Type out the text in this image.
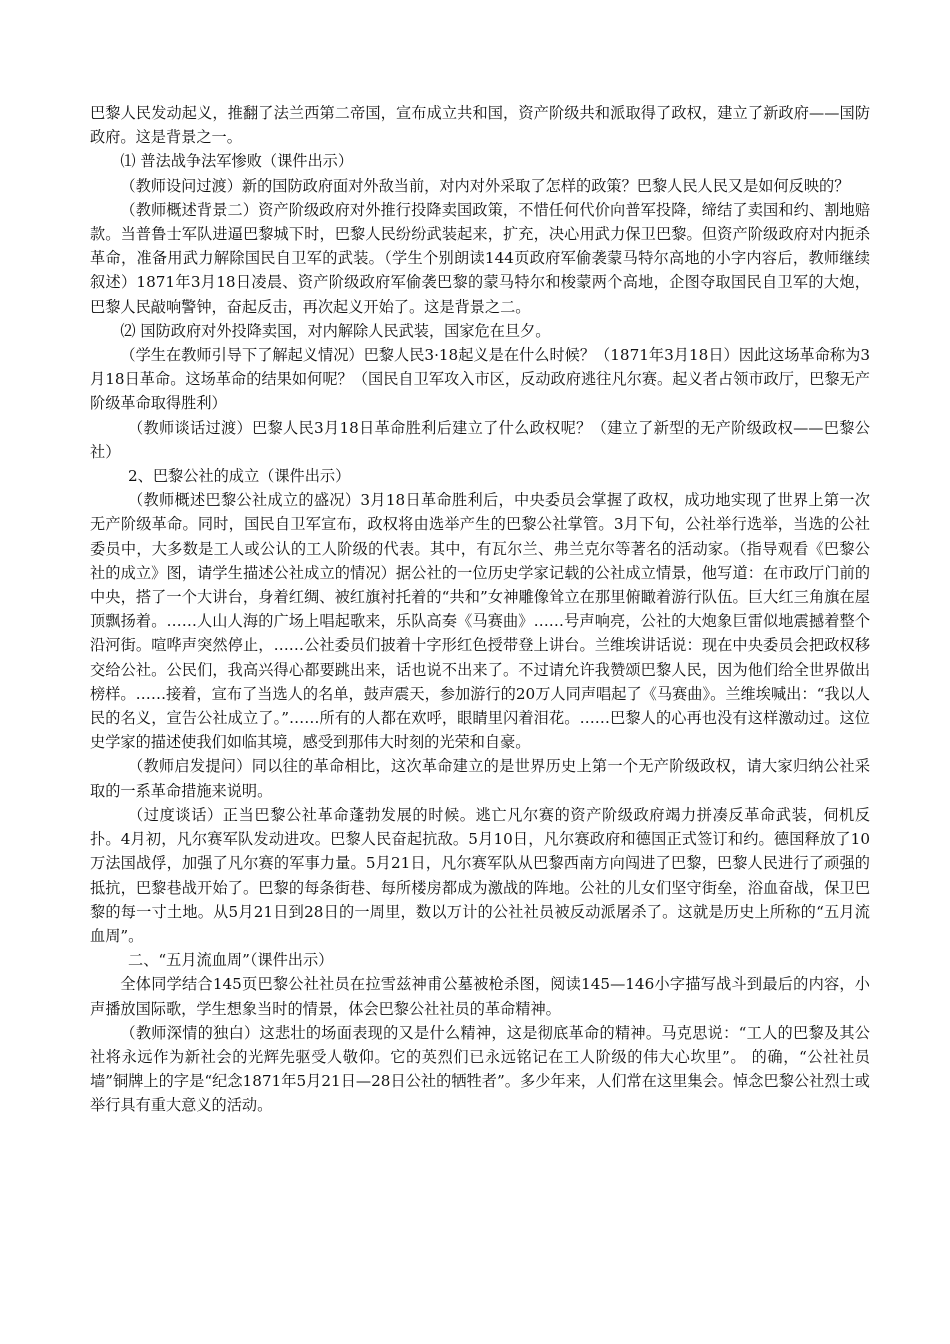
巴黎人民发动起义，推翻了法兰西第二帝国，宣布成立共和国，资产阶级共和派取得了政权，建立了新政府——国防政府。这是背景之一。

⑴ 普法战争法军惨败（课件出示）

（教师设问过渡）新的国防政府面对外敌当前，对内对外采取了怎样的政策？巴黎人民人民又是如何反映的？

（教师概述背景二）资产阶级政府对外推行投降卖国政策，不惜任何代价向普军投降，缔结了卖国和约、割地赔款。当普鲁士军队进逼巴黎城下时，巴黎人民纷纷武装起来，扩充，决心用武力保卫巴黎。但资产阶级政府对内扼杀革命，准备用武力解除国民自卫军的武装。（学生个别朗读144页政府军偷袭蒙马特尔高地的小字内容后，教师继续叙述）1871年3月18日凌晨、资产阶级政府军偷袭巴黎的蒙马特尔和梭蒙两个高地，企图夺取国民自卫军的大炮，巴黎人民敲响警钟，奋起反击，再次起义开始了。这是背景之二。

⑵ 国防政府对外投降卖国，对内解除人民武装，国家危在旦夕。

（学生在教师引导下了解起义情况）巴黎人民3·18起义是在什么时候？（1871年3月18日）因此这场革命称为3月18日革命。这场革命的结果如何呢？（国民自卫军攻入市区，反动政府逃往凡尔赛。起义者占领市政厅，巴黎无产阶级革命取得胜利）

（教师谈话过渡）巴黎人民3月18日革命胜利后建立了什么政权呢？（建立了新型的无产阶级政权——巴黎公社）

2、巴黎公社的成立（课件出示）

（教师概述巴黎公社成立的盛况）3月18日革命胜利后，中央委员会掌握了政权，成功地实现了世界上第一次无产阶级革命。同时，国民自卫军宣布，政权将由选举产生的巴黎公社掌管。3月下旬，公社举行选举，当选的公社委员中，大多数是工人或公认的工人阶级的代表。其中，有瓦尔兰、弗兰克尔等著名的活动家。（指导观看《巴黎公社的成立》图，请学生描述公社成立的情况）据公社的一位历史学家记载的公社成立情景，他写道：在市政厅门前的中央，搭了一个大讲台，身着红绸、被红旗衬托着的“共和”女神雕像耸立在那里俯瞰着游行队伍。巨大红三角旗在屋顶飘扬着。……人山人海的广场上唱起歌来，乐队高奏《马赛曲》……号声响亮，公社的大炮象巨雷似地震撼着整个沿河街。喧哗声突然停止，……公社委员们披着十字形红色授带登上讲台。兰维埃讲话说：现在中央委员会把政权移交给公社。公民们，我高兴得心都要跳出来，话也说不出来了。不过请允许我赞颂巴黎人民，因为他们给全世界做出榜样。……接着，宣布了当选人的名单，鼓声震天，参加游行的20万人同声唱起了《马赛曲》。兰维埃喊出：“我以人民的名义，宣告公社成立了。”……所有的人都在欢呼，眼睛里闪着泪花。……巴黎人的心再也没有这样激动过。这位史学家的描述使我们如临其境，感受到那伟大时刻的光荣和自豪。

（教师启发提问）同以往的革命相比，这次革命建立的是世界历史上第一个无产阶级政权，请大家归纳公社采取的一系革命措施来说明。

（过度谈话）正当巴黎公社革命蓬勃发展的时候。逃亡凡尔赛的资产阶级政府竭力拼凑反革命武装，伺机反扑。4月初，凡尔赛军队发动进攻。巴黎人民奋起抗敌。5月10日，凡尔赛政府和德国正式签订和约。德国释放了10万法国战俘，加强了凡尔赛的军事力量。5月21日，凡尔赛军队从巴黎西南方向闯进了巴黎，巴黎人民进行了顽强的抵抗，巴黎巷战开始了。巴黎的每条街巷、每所楼房都成为激战的阵地。公社的儿女们坚守街垒，浴血奋战，保卫巴黎的每一寸土地。从5月21日到28日的一周里，数以万计的公社社员被反动派屠杀了。这就是历史上所称的“五月流血周”。

二、“五月流血周”（课件出示）

全体同学结合145页巴黎公社社员在拉雪兹神甫公墓被枪杀图，阅读145—146小字描写战斗到最后的内容，小声播放国际歌，学生想象当时的情景，体会巴黎公社社员的革命精神。

（教师深情的独白）这悲壮的场面表现的又是什么精神，这是彻底革命的精神。马克思说：“工人的巴黎及其公社将永远作为新社会的光辉先驱受人敬仰。它的英烈们已永远铭记在工人阶级的伟大心坎里”。 的确，“公社社员墙”铜牌上的字是“纪念1871年5月21日—28日公社的牺牲者”。多少年来，人们常在这里集会。悼念巴黎公社烈士或举行具有重大意义的活动。
